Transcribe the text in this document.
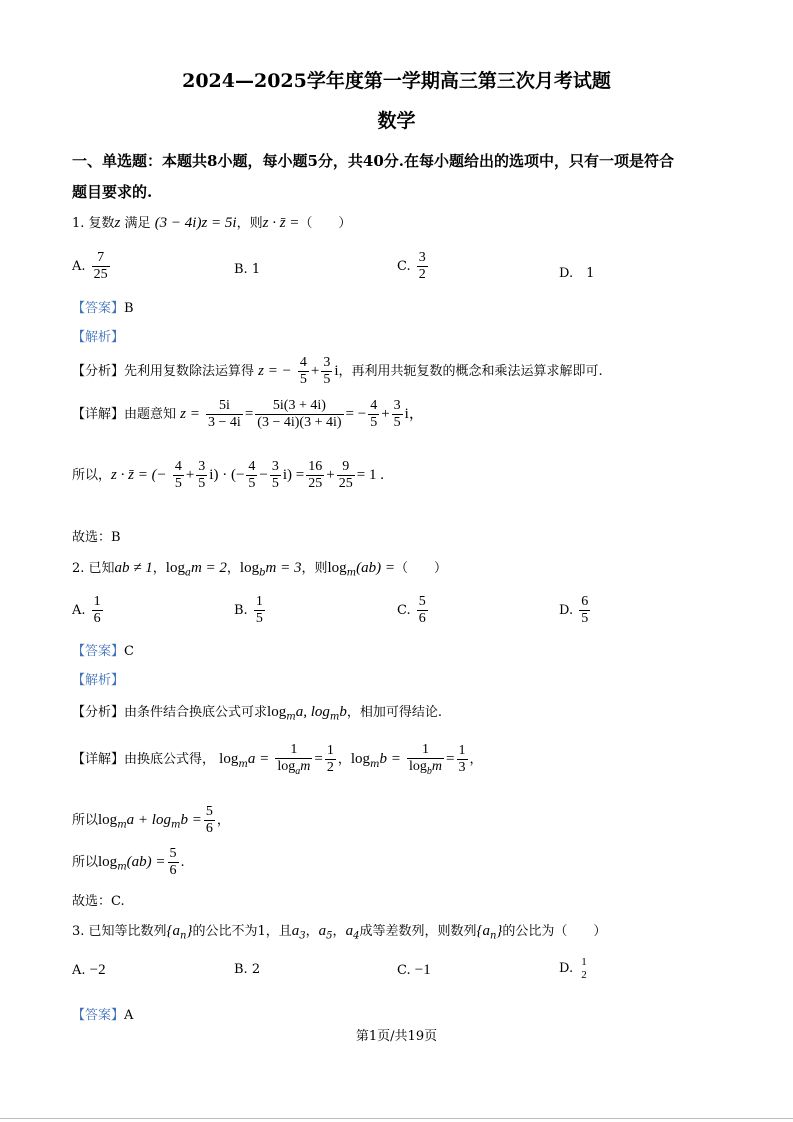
2024—2025学年度第一学期高三第三次月考试题
数学
一、单选题：本题共8小题，每小题5分，共40分.在每小题给出的选项中，只有一项是符合
题目要求的.
1. 复数z 满足 (3 − 4i)z = 5i，则z · z̄ =（　　）
A. $\frac{7}{25}$	B. 1	C. $\frac{3}{2}$	D.　 1
【答案】B
【解析】
【分析】先利用复数除法运算得 z = − $\frac{4}{5} + \frac{3}{5}$ i，再利用共轭复数的概念和乘法运算求解即可.
【详解】由题意知 $z = \frac{5i}{3 - 4i} = \frac{5i(3 + 4i)}{(3 - 4i)(3 + 4i)}$ = − $\frac{4}{5} + \frac{3}{5}$ i，
所以，z · z̄ = (− $\frac{4}{5} + \frac{3}{5} i$) · (− $\frac{4}{5} - \frac{3}{5} i) = \frac{16}{25} + \frac{9}{25} = 1$ .
故选：B
2. 已知ab ≠ 1，$\log_am = 2$，$\log_bm = 3$，则$\log_m(ab)$ =（　　）
A. $\frac{1}{6}$	B. $\frac{1}{5}$	C. $\frac{5}{6}$	D. $\frac{6}{5}$
【答案】C
【解析】
【分析】由条件结合换底公式可求$\log_ma$, $\log_mb$，相加可得结论.
【详解】由换底公式得， $\log_ma = \frac{1}{\log_am} = \frac{1}{2}$ ，$\log_mb = \frac{1}{\log_bm} = \frac{1}{3}$ ，
所以$\log_ma + \log_mb = \frac{5}{6}$ ，
所以$\log_m(ab) = \frac{5}{6}$ .
故选：C.
3. 已知等比数列$\{a_n\}$的公比不为1，且$a_3$，$a_5$，$a_4$成等差数列，则数列$\{a_n\}$的公比为（　　）
A. −2	B. 2	C. −1	D. 1
2
【答案】A
第1页/共19页
